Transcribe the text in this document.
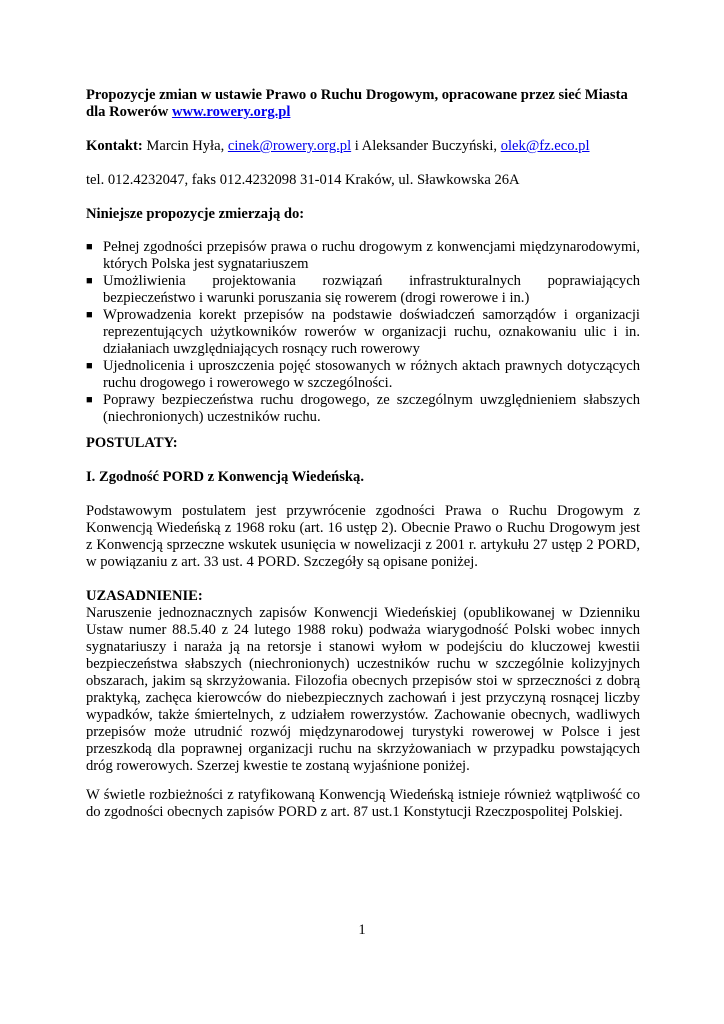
Propozycje zmian w ustawie Prawo o Ruchu Drogowym, opracowane przez sieć Miasta
dla Rowerów www.rowery.org.pl
Kontakt: Marcin Hyła, cinek@rowery.org.pl i Aleksander Buczyński, olek@fz.eco.pl
tel. 012.4232047, faks 012.4232098 31-014 Kraków, ul. Sławkowska 26A
Niniejsze propozycje zmierzają do:
■ Pełnej zgodności przepisów prawa o ruchu drogowym z konwencjami międzynarodowymi, których Polska jest sygnatariuszem
■ Umożliwienia projektowania rozwiązań infrastrukturalnych poprawiających bezpieczeństwo i warunki poruszania się rowerem (drogi rowerowe i in.)
■ Wprowadzenia korekt przepisów na podstawie doświadczeń samorządów i organizacji reprezentujących użytkowników rowerów w organizacji ruchu, oznakowaniu ulic i in. działaniach uwzględniających rosnący ruch rowerowy
■ Ujednolicenia i uproszczenia pojęć stosowanych w różnych aktach prawnych dotyczących ruchu drogowego i rowerowego w szczególności.
■ Poprawy bezpieczeństwa ruchu drogowego, ze szczególnym uwzględnieniem słabszych (niechronionych) uczestników ruchu.
POSTULATY:
I. Zgodność PORD z Konwencją Wiedeńską.
Podstawowym postulatem jest przywrócenie zgodności Prawa o Ruchu Drogowym z Konwencją Wiedeńską z 1968 roku (art. 16 ustęp 2). Obecnie Prawo o Ruchu Drogowym jest z Konwencją sprzeczne wskutek usunięcia w nowelizacji z 2001 r. artykułu 27 ustęp 2 PORD, w powiązaniu z art. 33 ust. 4 PORD. Szczegóły są opisane poniżej.
UZASADNIENIE:
Naruszenie jednoznacznych zapisów Konwencji Wiedeńskiej (opublikowanej w Dzienniku Ustaw numer 88.5.40 z 24 lutego 1988 roku) podważa wiarygodność Polski wobec innych sygnatariuszy i naraża ją na retorsje i stanowi wyłom w podejściu do kluczowej kwestii bezpieczeństwa słabszych (niechronionych) uczestników ruchu w szczególnie kolizyjnych obszarach, jakim są skrzyżowania. Filozofia obecnych przepisów stoi w sprzeczności z dobrą praktyką, zachęca kierowców do niebezpiecznych zachowań i jest przyczyną rosnącej liczby wypadków, także śmiertelnych, z udziałem rowerzystów. Zachowanie obecnych, wadliwych przepisów może utrudnić rozwój międzynarodowej turystyki rowerowej w Polsce i jest przeszkodą dla poprawnej organizacji ruchu na skrzyżowaniach w przypadku powstających dróg rowerowych. Szerzej kwestie te zostaną wyjaśnione poniżej.
W świetle rozbieżności z ratyfikowaną Konwencją Wiedeńską istnieje również wątpliwość co do zgodności obecnych zapisów PORD z art. 87 ust.1 Konstytucji Rzeczpospolitej Polskiej.
1
